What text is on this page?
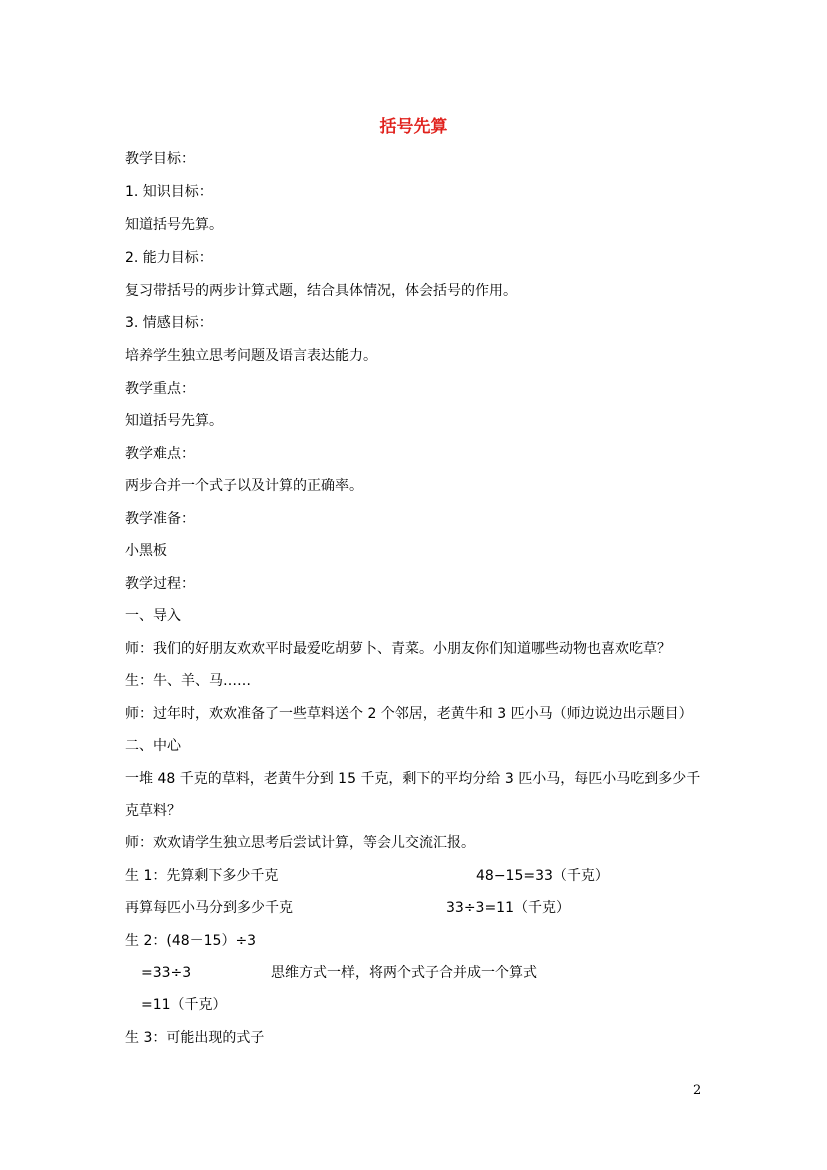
括号先算
教学目标：
1. 知识目标：
知道括号先算。
2. 能力目标：
复习带括号的两步计算式题，结合具体情况，体会括号的作用。
3. 情感目标：
培养学生独立思考问题及语言表达能力。
教学重点：
知道括号先算。
教学难点：
两步合并一个式子以及计算的正确率。
教学准备：
小黑板
教学过程：
一、导入
师：我们的好朋友欢欢平时最爱吃胡萝卜、青菜。小朋友你们知道哪些动物也喜欢吃草？
生：牛、羊、马……
师：过年时，欢欢准备了一些草料送个 2 个邻居，老黄牛和 3 匹小马（师边说边出示题目）
二、中心
一堆 48 千克的草料，老黄牛分到 15 千克，剩下的平均分给 3 匹小马，每匹小马吃到多少千
克草料？
师：欢欢请学生独立思考后尝试计算，等会儿交流汇报。
生 1：先算剩下多少千克
再算每匹小马分到多少千克
生 2：(48－15）÷3
=33÷3
=11（千克）
生 3：可能出现的式子
48−15=33（千克）
33÷3=11（千克）
思维方式一样，将两个式子合并成一个算式
2
